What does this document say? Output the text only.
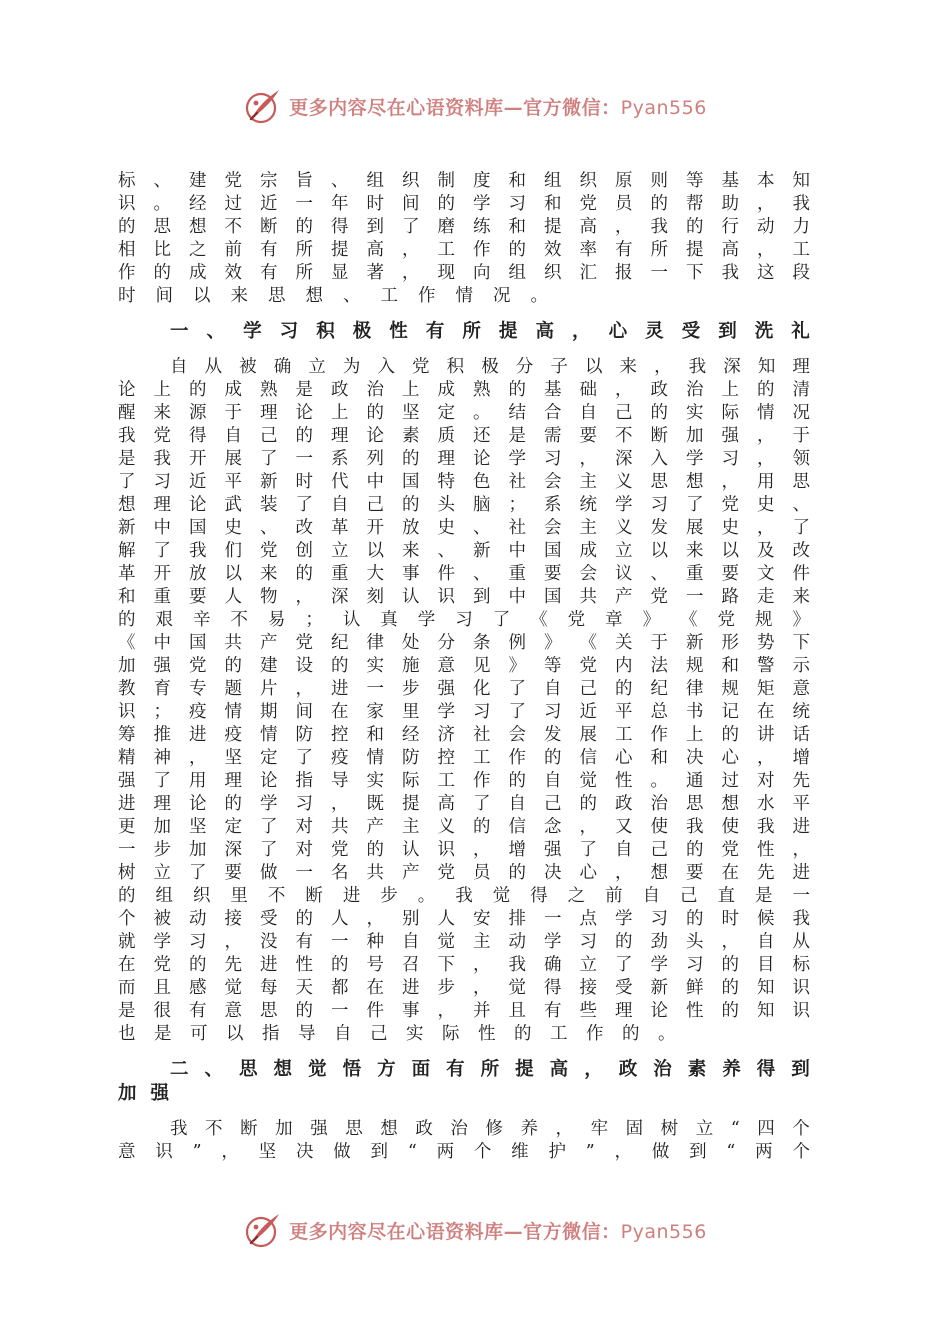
更多内容尽在心语资料库—官方微信：Pyan556
标 、 建 党 宗 旨 、 组 织 制 度 和 组 织 原 则 等 基 本 知
识 。 经 过 近 一 年 时 间 的 学 习 和 党 员 的 帮 助 ， 我
的 思 想 不 断 的 得 到 了 磨 练 和 提 高 ， 我 的 行 动 力
相 比 之 前 有 所 提 高 ， 工 作 的 效 率 有 所 提 高 ， 工
作 的 成 效 有 所 显 著 ， 现 向 组 织 汇 报 一 下 我 这 段
时 间 以 来 思 想 、 工 作 情 况 。
一 、 学 习 积 极 性 有 所 提 高 ， 心 灵 受 到 洗 礼
自 从 被 确 立 为 入 党 积 极 分 子 以 来 ， 我 深 知 理
论 上 的 成 熟 是 政 治 上 成 熟 的 基 础 ， 政 治 上 的 清
醒 来 源 于 理 论 上 的 坚 定 。 结 合 自 己 的 实 际 情 况
我 党 得 自 己 的 理 论 素 质 还 是 需 要 不 断 加 强 ， 于
是 我 开 展 了 一 系 列 的 理 论 学 习 ， 深 入 学 习 ， 领
了 习 近 平 新 时 代 中 国 特 色 社 会 主 义 思 想 ， 用 思
想 理 论 武 装 了 自 己 的 头 脑 ； 系 统 学 习 了 党 史 、
新 中 国 史 、 改 革 开 放 史 、 社 会 主 义 发 展 史 ， 了
解 了 我 们 党 创 立 以 来 、 新 中 国 成 立 以 来 以 及 改
革 开 放 以 来 的 重 大 事 件 、 重 要 会 议 、 重 要 文 件
和 重 要 人 物 ， 深 刻 认 识 到 中 国 共 产 党 一 路 走 来
的 艰 辛 不 易 ； 认 真 学 习 了 《 党 章 》 《 党 规 》
《 中 国 共 产 党 纪 律 处 分 条 例 》 《 关 于 新 形 势 下
加 强 党 的 建 设 的 实 施 意 见 》 等 党 内 法 规 和 警 示
教 育 专 题 片 ， 进 一 步 强 化 了 自 己 的 纪 律 规 矩 意
识 ； 疫 情 期 间 在 家 里 学 习 了 习 近 平 总 书 记 在 统
筹 推 进 疫 情 防 控 和 经 济 社 会 发 展 工 作 上 的 讲 话
精 神 ， 坚 定 了 疫 情 防 控 工 作 的 信 心 和 决 心 ， 增
强 了 用 理 论 指 导 实 际 工 作 的 自 觉 性 。 通 过 对 先
进 理 论 的 学 习 ， 既 提 高 了 自 己 的 政 治 思 想 水 平
更 加 坚 定 了 对 共 产 主 义 的 信 念 ， 又 使 我 使 我 进
一 步 加 深 了 对 党 的 认 识 ， 增 强 了 自 己 的 党 性 ，
树 立 了 要 做 一 名 共 产 党 员 的 决 心 ， 想 要 在 先 进
的 组 织 里 不 断 进 步 。 我 觉 得 之 前 自 己 直 是 一
个 被 动 接 受 的 人 ， 别 人 安 排 一 点 学 习 的 时 候 我
就 学 习 ， 没 有 一 种 自 觉 主 动 学 习 的 劲 头 ， 自 从
在 党 的 先 进 性 的 号 召 下 ， 我 确 立 了 学 习 的 目 标
而 且 感 觉 每 天 都 在 进 步 ， 觉 得 接 受 新 鲜 的 知 识
是 很 有 意 思 的 一 件 事 ， 并 且 有 些 理 论 性 的 知 识
也 是 可 以 指 导 自 己 实 际 性 的 工 作 的 。
二 、 思 想 觉 悟 方 面 有 所 提 高 ， 政 治 素 养 得 到
加 强
我 不 断 加 强 思 想 政 治 修 养 ， 牢 固 树 立 “ 四 个
意 识 ” ， 坚 决 做 到 “ 两 个 维 护 ” ， 做 到 “ 两 个
更多内容尽在心语资料库—官方微信：Pyan556
